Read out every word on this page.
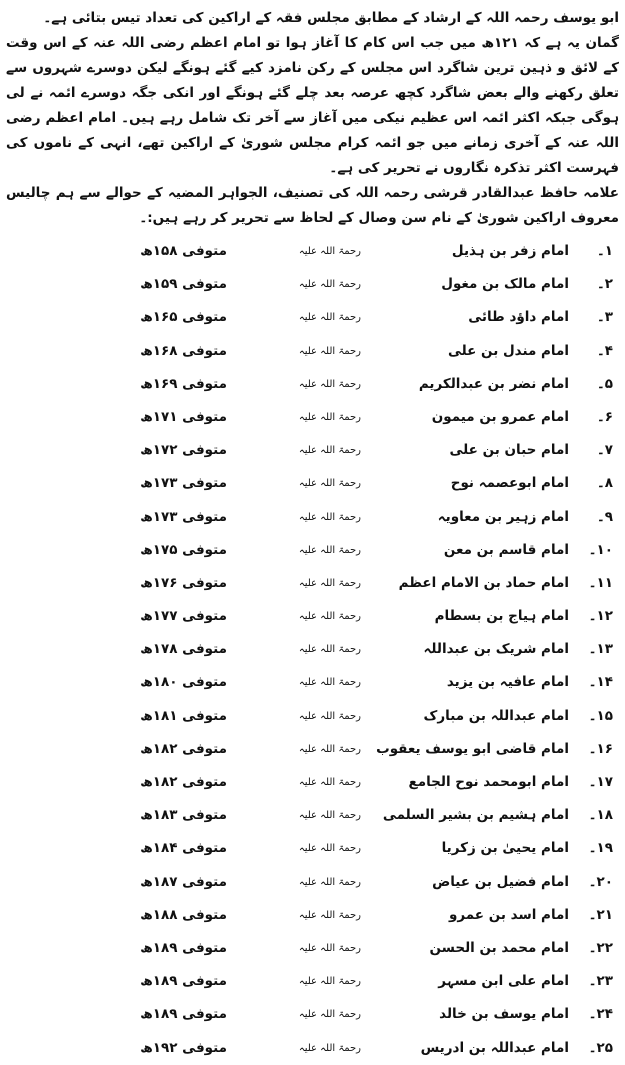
ابو یوسف رحمہ اللہ کے ارشاد کے مطابق مجلس فقہ کے اراکین کی تعداد تیس بتائی ہے۔

گمان یہ ہے کہ ۱۲۱ھ میں جب اس کام کا آغاز ہوا تو امام اعظم رضی اللہ عنہ کے اس وقت کے لائق و ذہین ترین شاگرد اس مجلس کے رکن نامزد کیے گئے ہونگے لیکن دوسرے شہروں سے تعلق رکھنے والے بعض شاگرد کچھ عرصہ بعد چلے گئے ہونگے اور انکی جگہ دوسرے ائمہ نے لی ہوگی جبکہ اکثر ائمہ اس عظیم نیکی میں آغاز سے آخر تک شامل رہے ہیں۔ امام اعظم رضی اللہ عنہ کے آخری زمانے میں جو ائمہ کرام مجلس شوریٰ کے اراکین تھے، انہی کے ناموں کی فہرست اکثر تذکرہ نگاروں نے تحریر کی ہے۔

علامہ حافظ عبدالقادر قرشی رحمہ اللہ کی تصنیف، الجواہر المضیہ کے حوالے سے ہم چالیس معروف اراکین شوریٰ کے نام سن وصال کے لحاظ سے تحریر کر رہے ہیں:۔

۱۔
امام زفر بن ہذیل
رحمۃ اللہ علیہ
متوفی ۱۵۸ھ
۲۔
امام مالک بن مغول
رحمۃ اللہ علیہ
متوفی ۱۵۹ھ
۳۔
امام داؤد طائی
رحمۃ اللہ علیہ
متوفی ۱۶۵ھ
۴۔
امام مندل بن علی
رحمۃ اللہ علیہ
متوفی ۱۶۸ھ
۵۔
امام نضر بن عبدالکریم
رحمۃ اللہ علیہ
متوفی ۱۶۹ھ
۶۔
امام عمرو بن میمون
رحمۃ اللہ علیہ
متوفی ۱۷۱ھ
۷۔
امام حبان بن علی
رحمۃ اللہ علیہ
متوفی ۱۷۲ھ
۸۔
امام ابوعصمہ نوح
رحمۃ اللہ علیہ
متوفی ۱۷۳ھ
۹۔
امام زہیر بن معاویہ
رحمۃ اللہ علیہ
متوفی ۱۷۳ھ
۱۰۔
امام قاسم بن معن
رحمۃ اللہ علیہ
متوفی ۱۷۵ھ
۱۱۔
امام حماد بن الامام اعظم
رحمۃ اللہ علیہ
متوفی ۱۷۶ھ
۱۲۔
امام ہیاج بن بسطام
رحمۃ اللہ علیہ
متوفی ۱۷۷ھ
۱۳۔
امام شریک بن عبداللہ
رحمۃ اللہ علیہ
متوفی ۱۷۸ھ
۱۴۔
امام عافیہ بن یزید
رحمۃ اللہ علیہ
متوفی ۱۸۰ھ
۱۵۔
امام عبداللہ بن مبارک
رحمۃ اللہ علیہ
متوفی ۱۸۱ھ
۱۶۔
امام قاضی ابو یوسف یعقوب
رحمۃ اللہ علیہ
متوفی ۱۸۲ھ
۱۷۔
امام ابومحمد نوح الجامع
رحمۃ اللہ علیہ
متوفی ۱۸۲ھ
۱۸۔
امام ہشیم بن بشیر السلمی
رحمۃ اللہ علیہ
متوفی ۱۸۳ھ
۱۹۔
امام یحییٰ بن زکریا
رحمۃ اللہ علیہ
متوفی ۱۸۴ھ
۲۰۔
امام فضیل بن عیاض
رحمۃ اللہ علیہ
متوفی ۱۸۷ھ
۲۱۔
امام اسد بن عمرو
رحمۃ اللہ علیہ
متوفی ۱۸۸ھ
۲۲۔
امام محمد بن الحسن
رحمۃ اللہ علیہ
متوفی ۱۸۹ھ
۲۳۔
امام علی ابن مسہر
رحمۃ اللہ علیہ
متوفی ۱۸۹ھ
۲۴۔
امام یوسف بن خالد
رحمۃ اللہ علیہ
متوفی ۱۸۹ھ
۲۵۔
امام عبداللہ بن ادریس
رحمۃ اللہ علیہ
متوفی ۱۹۲ھ
